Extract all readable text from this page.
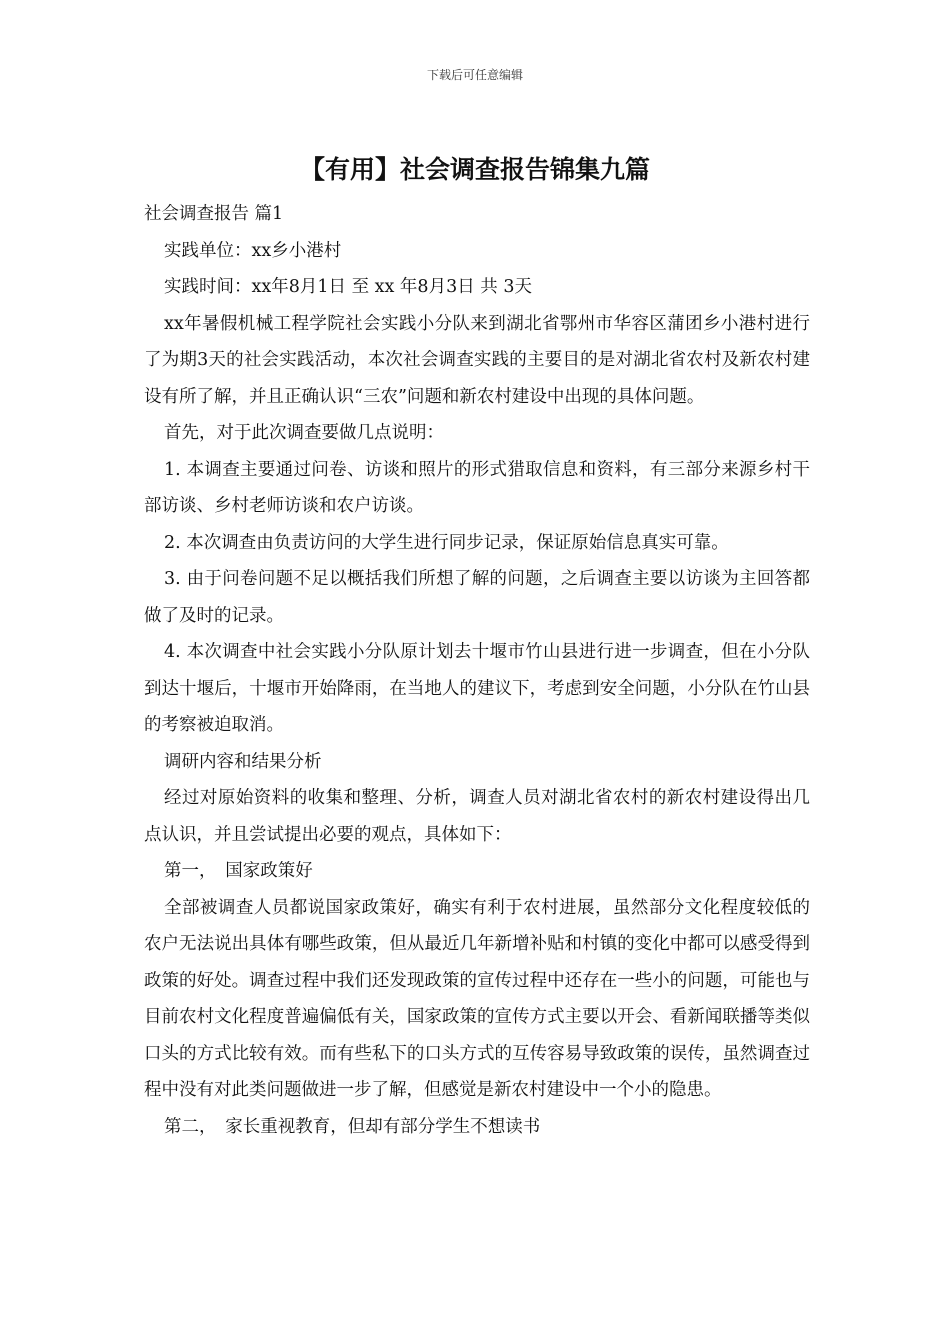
下载后可任意编辑
【有用】社会调查报告锦集九篇

社会调查报告 篇1

实践单位：xx乡小港村

实践时间：xx年8月1日 至 xx 年8月3日 共 3天

xx年暑假机械工程学院社会实践小分队来到湖北省鄂州市华容区蒲团乡小港村进行了为期3天的社会实践活动，本次社会调查实践的主要目的是对湖北省农村及新农村建设有所了解，并且正确认识“三农”问题和新农村建设中出现的具体问题。

首先，对于此次调查要做几点说明：

1. 本调查主要通过问卷、访谈和照片的形式猎取信息和资料，有三部分来源乡村干部访谈、乡村老师访谈和农户访谈。

2. 本次调查由负责访问的大学生进行同步记录，保证原始信息真实可靠。

3. 由于问卷问题不足以概括我们所想了解的问题，之后调查主要以访谈为主回答都做了及时的记录。

4. 本次调查中社会实践小分队原计划去十堰市竹山县进行进一步调查，但在小分队到达十堰后，十堰市开始降雨，在当地人的建议下，考虑到安全问题，小分队在竹山县的考察被迫取消。

调研内容和结果分析

经过对原始资料的收集和整理、分析，调查人员对湖北省农村的新农村建设得出几点认识，并且尝试提出必要的观点，具体如下：

第一，　国家政策好

全部被调查人员都说国家政策好，确实有利于农村进展，虽然部分文化程度较低的农户无法说出具体有哪些政策，但从最近几年新增补贴和村镇的变化中都可以感受得到政策的好处。调查过程中我们还发现政策的宣传过程中还存在一些小的问题，可能也与目前农村文化程度普遍偏低有关，国家政策的宣传方式主要以开会、看新闻联播等类似口头的方式比较有效。而有些私下的口头方式的互传容易导致政策的误传，虽然调查过程中没有对此类问题做进一步了解，但感觉是新农村建设中一个小的隐患。

第二，　家长重视教育，但却有部分学生不想读书
